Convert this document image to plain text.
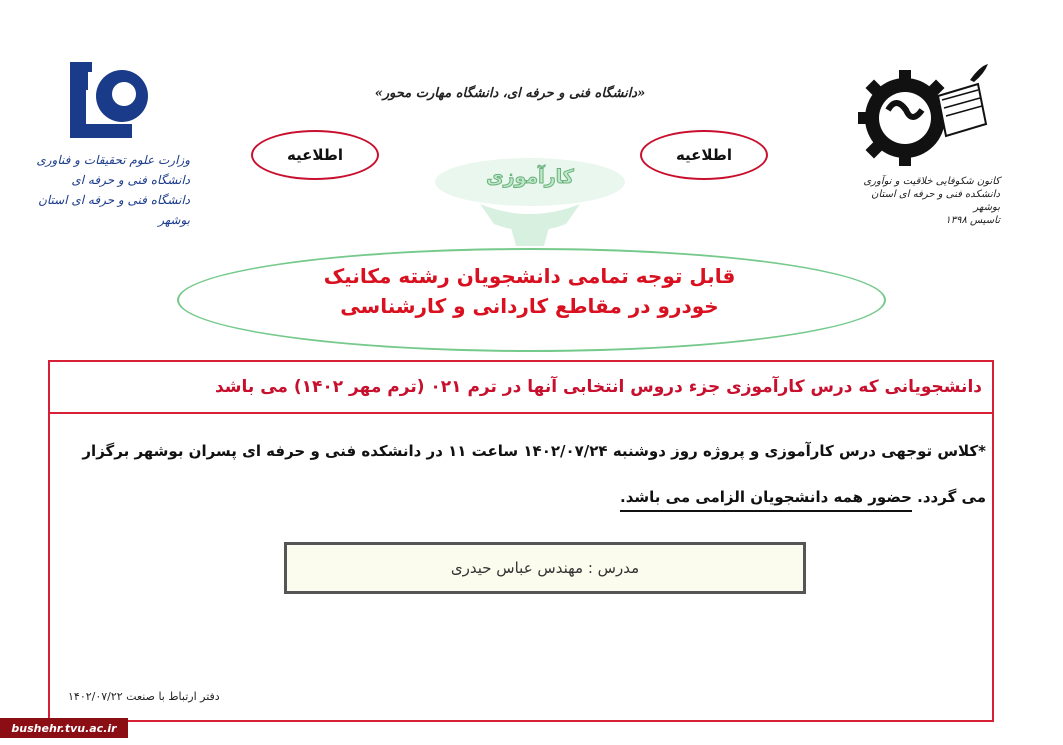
وزارت علوم تحقیقات و فناوری
دانشگاه فنی و حرفه ای
دانشگاه فنی و حرفه ای استان بوشهر
«دانشگاه فنی و حرفه ای، دانشگاه مهارت محور»
کانون شکوفایی خلاقیت و نوآوری
دانشکده فنی و حرفه ای استان بوشهر
تاسیس ۱۳۹۸
اطلاعیه	اطلاعیه
کارآموزی
قابل توجه تمامی دانشجویان رشته مکانیک
خودرو در مقاطع کاردانی و کارشناسی
دانشجویانی که درس کارآموزی جزء دروس انتخابی آنها در ترم ۰۲۱ (ترم مهر ۱۴۰۲) می باشد
*کلاس توجهی درس کارآموزی و پروژه روز دوشنبه ۱۴۰۲/۰۷/۲۴ ساعت ۱۱ در دانشکده فنی و حرفه ای پسران بوشهر برگزار می گردد. حضور همه دانشجویان الزامی می باشد.
مدرس : مهندس عباس حیدری
دفتر ارتباط با صنعت ۱۴۰۲/۰۷/۲۲
bushehr.tvu.ac.ir
